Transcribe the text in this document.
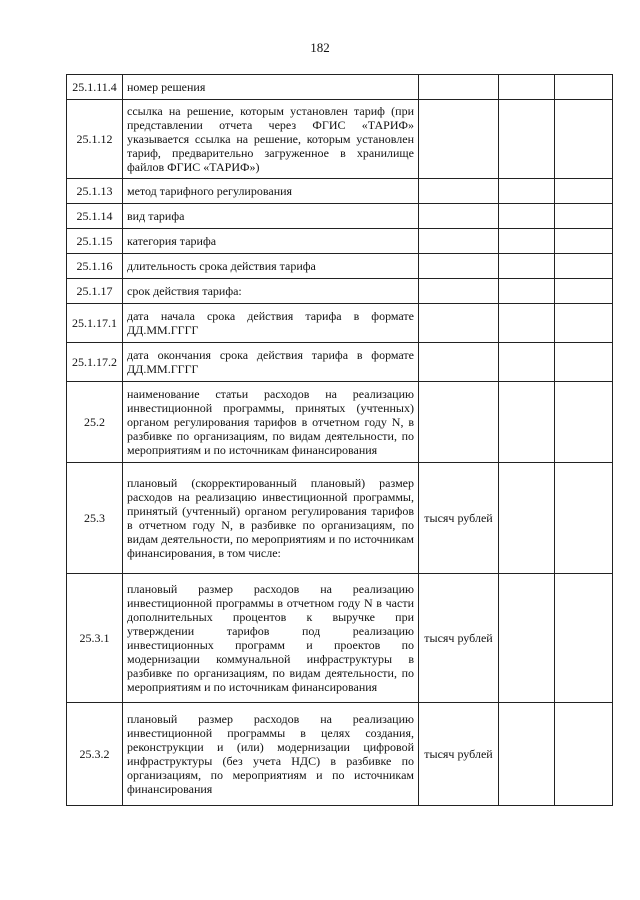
182
25.1.11.4	номер решения			
25.1.12	ссылка на решение, которым установлен тариф (при представлении отчета через ФГИС «ТАРИФ» указывается ссылка на решение, которым установлен тариф, предварительно загруженное в хранилище файлов ФГИС «ТАРИФ»)			
25.1.13	метод тарифного регулирования			
25.1.14	вид тарифа			
25.1.15	категория тарифа			
25.1.16	длительность срока действия тарифа			
25.1.17	срок действия тарифа:			
25.1.17.1	дата начала срока действия тарифа в формате ДД.ММ.ГГГГ			
25.1.17.2	дата окончания срока действия тарифа в формате ДД.ММ.ГГГГ			
25.2	наименование статьи расходов на реализацию инвестиционной программы, принятых (учтенных) органом регулирования тарифов в отчетном году N, в разбивке по организациям, по видам деятельности, по мероприятиям и по источникам финансирования			
25.3	плановый (скорректированный плановый) размер расходов на реализацию инвестиционной программы, принятый (учтенный) органом регулирования тарифов в отчетном году N, в разбивке по организациям, по видам деятельности, по мероприятиям и по источникам финансирования, в том числе:	тысяч рублей		
25.3.1	плановый размер расходов на реализацию инвестиционной программы в отчетном году N в части дополнительных процентов к выручке при утверждении тарифов под реализацию инвестиционных программ и проектов по модернизации коммунальной инфраструктуры в разбивке по организациям, по видам деятельности, по мероприятиям и по источникам финансирования	тысяч рублей		
25.3.2	плановый размер расходов на реализацию инвестиционной программы в целях создания, реконструкции и (или) модернизации цифровой инфраструктуры (без учета НДС) в разбивке по организациям, по мероприятиям и по источникам финансирования	тысяч рублей		
